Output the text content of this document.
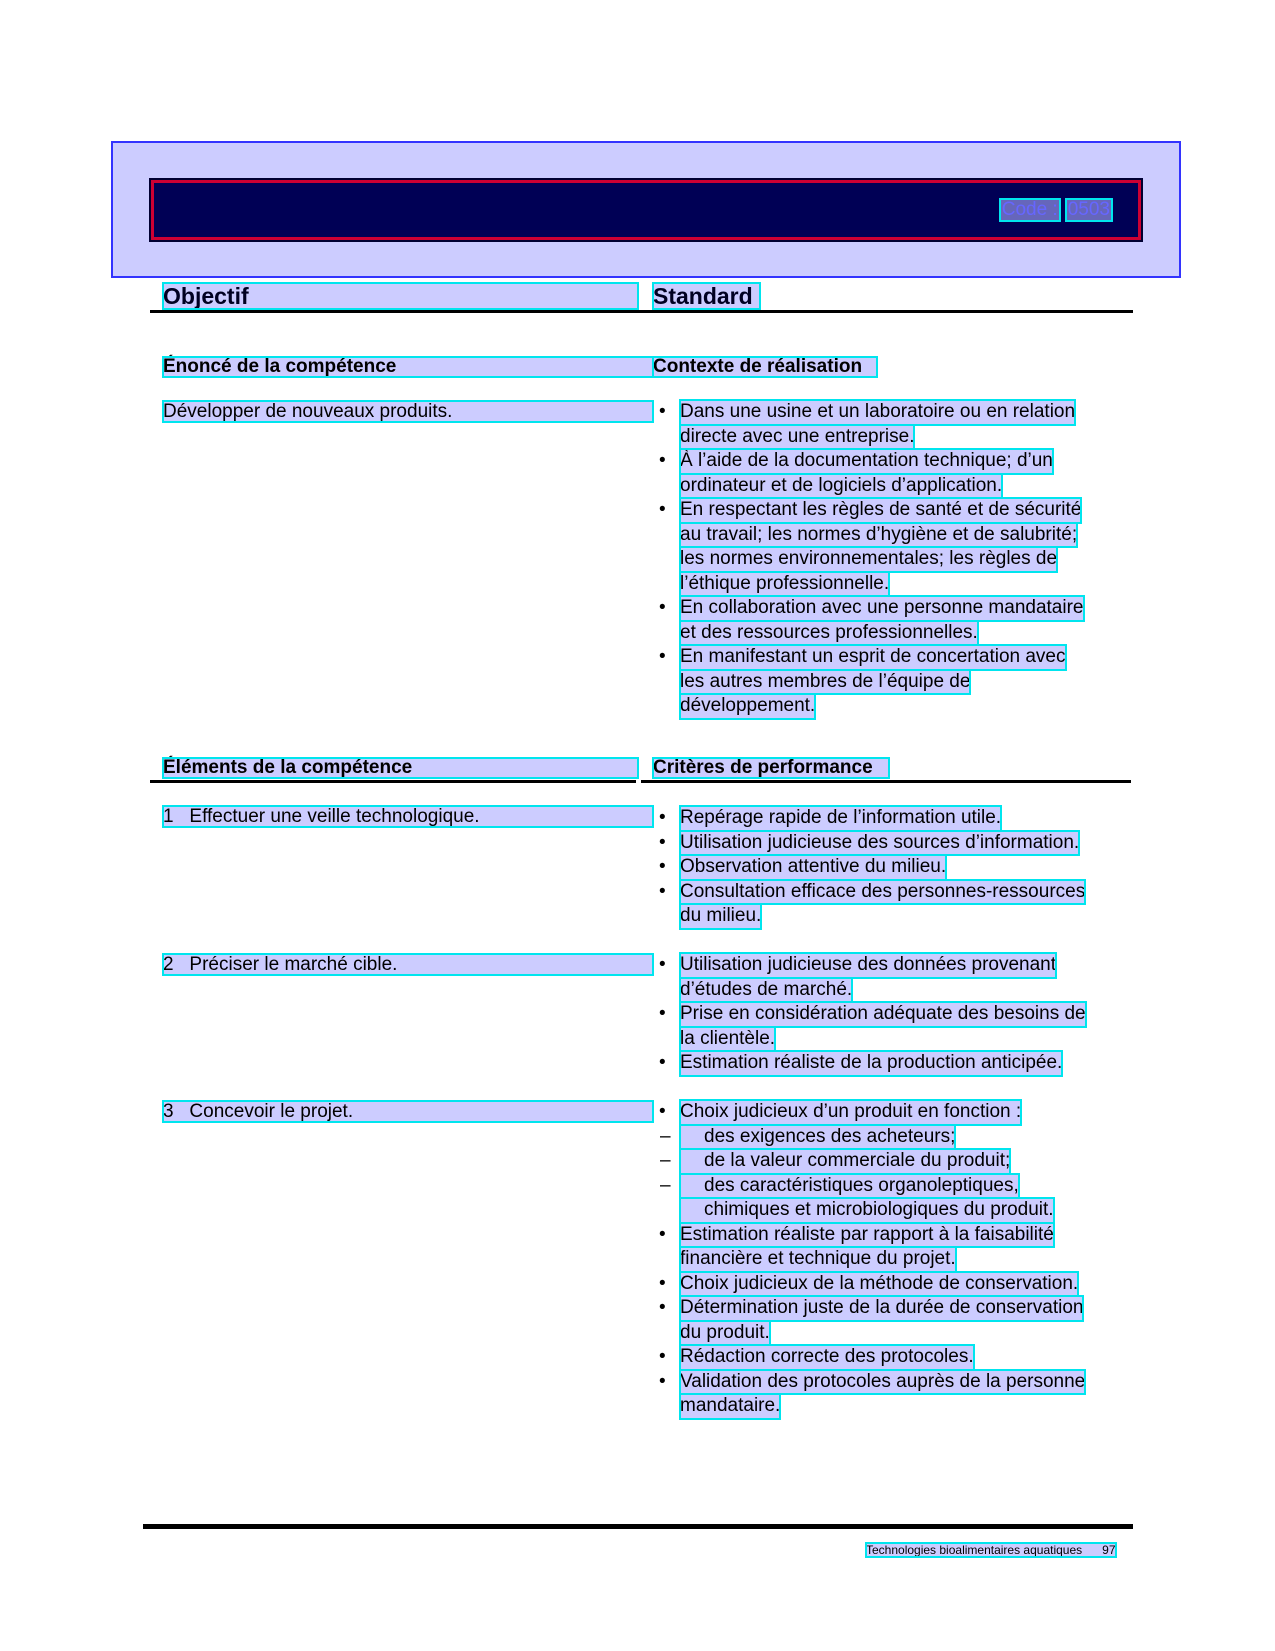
Code : 0503
Objectif	Standard
Énoncé de la compétence	Contexte de réalisation
Développer de nouveaux produits.	• Dans une usine et un laboratoire ou en relation
directe avec une entreprise.
• À l’aide de la documentation technique; d’un
ordinateur et de logiciels d’application.
• En respectant les règles de santé et de sécurité
au travail; les normes d’hygiène et de salubrité;
les normes environnementales; les règles de
l’éthique professionnelle.
• En collaboration avec une personne mandataire
et des ressources professionnelles.
• En manifestant un esprit de concertation avec
les autres membres de l’équipe de
développement.
Éléments de la compétence	Critères de performance
1 Effectuer une veille technologique.	• Repérage rapide de l’information utile.
• Utilisation judicieuse des sources d’information.
• Observation attentive du milieu.
• Consultation efficace des personnes-ressources
du milieu.
2 Préciser le marché cible.	• Utilisation judicieuse des données provenant
d’études de marché.
• Prise en considération adéquate des besoins de
la clientèle.
• Estimation réaliste de la production anticipée.
3 Concevoir le projet.	• Choix judicieux d’un produit en fonction :
– des exigences des acheteurs;
– de la valeur commerciale du produit;
– des caractéristiques organoleptiques,
chimiques et microbiologiques du produit.
• Estimation réaliste par rapport à la faisabilité
financière et technique du projet.
• Choix judicieux de la méthode de conservation.
• Détermination juste de la durée de conservation
du produit.
• Rédaction correcte des protocoles.
• Validation des protocoles auprès de la personne
mandataire.
Technologies bioalimentaires aquatiques 97
